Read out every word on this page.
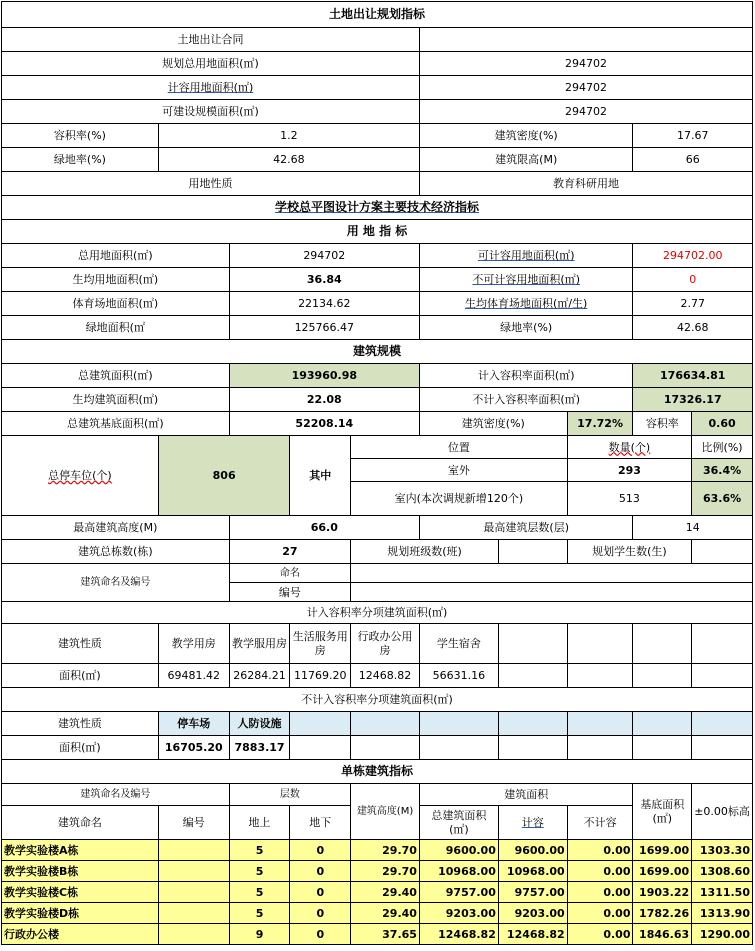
土地出让规划指标									
土地出让合同									
规划总用地面积(㎡)					294702				
计容用地面积(㎡)					294702				
可建设规模面积(㎡)					294702				
容积率(%)	1.2				建筑密度(%)			17.67	
绿地率(%)	42.68				建筑限高(M)			66	
用地性质					教育科研用地				
学校总平图设计方案主要技术经济指标									
用 地 指 标									
总用地面积(㎡)		294702			可计容用地面积(㎡)			294702.00	
生均用地面积(㎡)		36.84			不可计容用地面积(㎡)			0	
体育场地面积(㎡)		22134.62			生均体育场地面积(㎡/生)			2.77	
绿地面积(㎡		125766.47			绿地率(%)			42.68	
建筑规模									
总建筑面积(㎡)		193960.98			计入容积率面积(㎡)			176634.81	
生均建筑面积(㎡)		22.08			不计入容积率面积(㎡)			17326.17	
总建筑基底面积(㎡)		52208.14			建筑密度(%)		17.72%	容积率	0.60
总停车位(个)	806		其中	位置			数量(个)		比例(%)
				室外			293		36.4%
				室内(本次调规新增120个)			513		63.6%
最高建筑高度(M)		66.0			最高建筑层数(层)			14	
建筑总栋数(栋)		27		规划班级数(班)			规划学生数(生)		
建筑命名及编号		命名							
		编号							
计入容积率分项建筑面积(㎡)									
建筑性质	教学用房	教学服用房	生活服务用房	行政办公用房	学生宿舍				
面积(㎡)	69481.42	26284.21	11769.20	12468.82	56631.16				
不计入容积率分项建筑面积(㎡)									
建筑性质	停车场	人防设施							
面积(㎡)	16705.20	7883.17							
单栋建筑指标									
建筑命名及编号		层数		建筑高度(M)	建筑面积			基底面积(㎡)	±0.00标高
建筑命名	编号	地上	地下		总建筑面积(㎡)	计容	不计容		
教学实验楼A栋		5	0	29.70	9600.00	9600.00	0.00	1699.00	1303.30
教学实验楼B栋		5	0	29.70	10968.00	10968.00	0.00	1699.00	1308.60
教学实验楼C栋		5	0	29.40	9757.00	9757.00	0.00	1903.22	1311.50
教学实验楼D栋		5	0	29.40	9203.00	9203.00	0.00	1782.26	1313.90
行政办公楼		9	0	37.65	12468.82	12468.82	0.00	1846.63	1290.00
